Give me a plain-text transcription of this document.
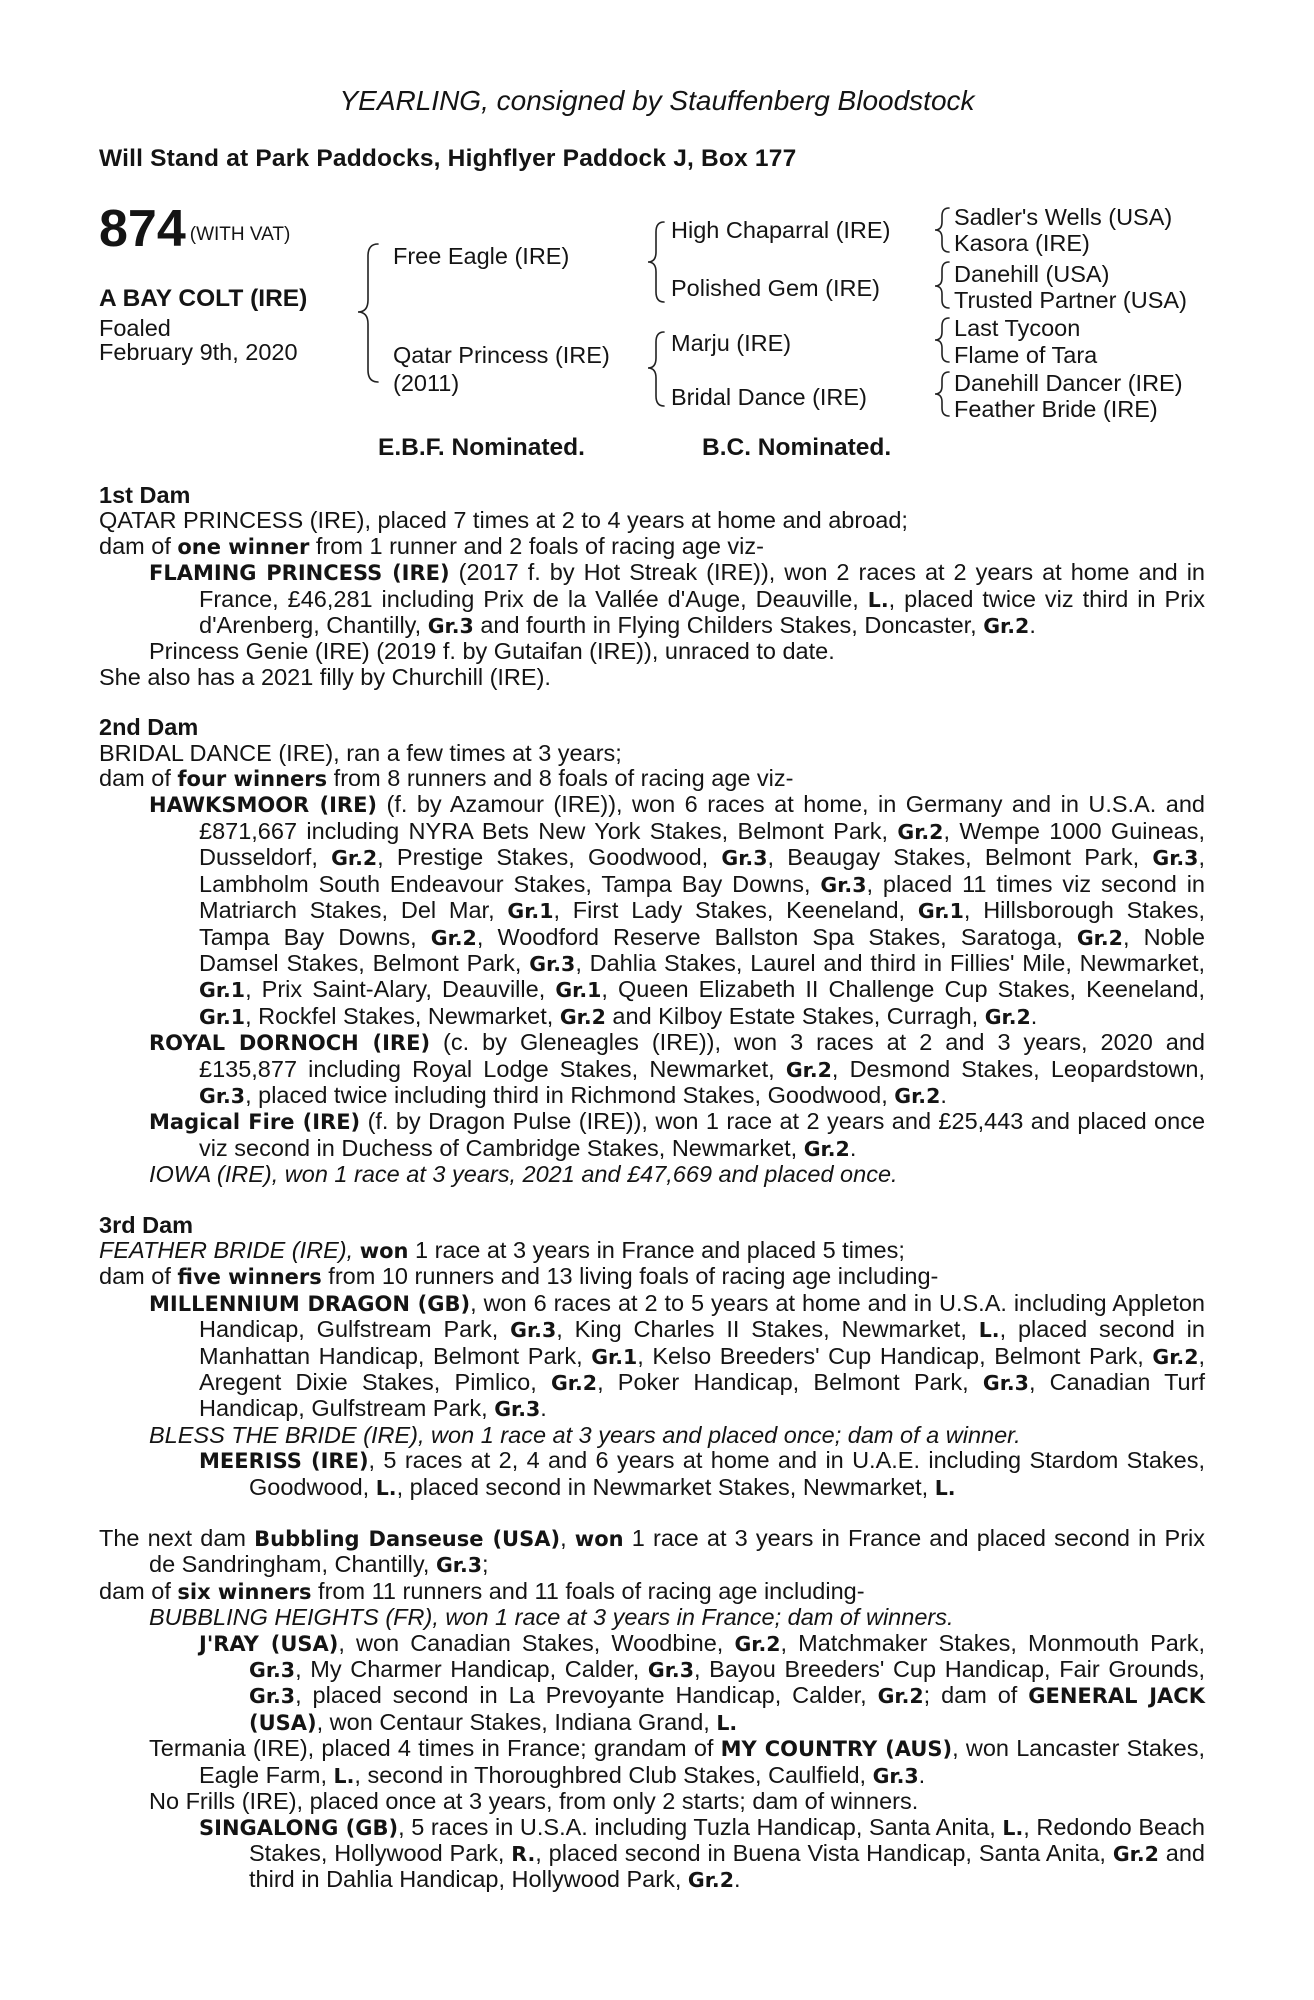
YEARLING, consigned by Stauffenberg Bloodstock
Will Stand at Park Paddocks, Highflyer Paddock J, Box 177
874 (WITH VAT)
A BAY COLT (IRE)
Foaled
February 9th, 2020
Free Eagle (IRE)
Qatar Princess (IRE)
(2011)
High Chaparral (IRE)
Polished Gem (IRE)
Marju (IRE)
Bridal Dance (IRE)
Sadler's Wells (USA)
Kasora (IRE)
Danehill (USA)
Trusted Partner (USA)
Last Tycoon
Flame of Tara
Danehill Dancer (IRE)
Feather Bride (IRE)
E.B.F. Nominated.	B.C. Nominated.

1st Dam

QATAR PRINCESS (IRE), placed 7 times at 2 to 4 years at home and abroad;

dam of one winner from 1 runner and 2 foals of racing age viz-

FLAMING PRINCESS (IRE) (2017 f. by Hot Streak (IRE)), won 2 races at 2 years at home and in France, £46,281 including Prix de la Vallée d'Auge, Deauville, L., placed twice viz third in Prix d'Arenberg, Chantilly, Gr.3 and fourth in Flying Childers Stakes, Doncaster, Gr.2.

Princess Genie (IRE) (2019 f. by Gutaifan (IRE)), unraced to date.

She also has a 2021 filly by Churchill (IRE).

2nd Dam

BRIDAL DANCE (IRE), ran a few times at 3 years;

dam of four winners from 8 runners and 8 foals of racing age viz-

HAWKSMOOR (IRE) (f. by Azamour (IRE)), won 6 races at home, in Germany and in U.S.A. and £871,667 including NYRA Bets New York Stakes, Belmont Park, Gr.2, Wempe 1000 Guineas, Dusseldorf, Gr.2, Prestige Stakes, Goodwood, Gr.3, Beaugay Stakes, Belmont Park, Gr.3, Lambholm South Endeavour Stakes, Tampa Bay Downs, Gr.3, placed 11 times viz second in Matriarch Stakes, Del Mar, Gr.1, First Lady Stakes, Keeneland, Gr.1, Hillsborough Stakes, Tampa Bay Downs, Gr.2, Woodford Reserve Ballston Spa Stakes, Saratoga, Gr.2, Noble Damsel Stakes, Belmont Park, Gr.3, Dahlia Stakes, Laurel and third in Fillies' Mile, Newmarket, Gr.1, Prix Saint-Alary, Deauville, Gr.1, Queen Elizabeth II Challenge Cup Stakes, Keeneland, Gr.1, Rockfel Stakes, Newmarket, Gr.2 and Kilboy Estate Stakes, Curragh, Gr.2.

ROYAL DORNOCH (IRE) (c. by Gleneagles (IRE)), won 3 races at 2 and 3 years, 2020 and £135,877 including Royal Lodge Stakes, Newmarket, Gr.2, Desmond Stakes, Leopardstown, Gr.3, placed twice including third in Richmond Stakes, Goodwood, Gr.2.

Magical Fire (IRE) (f. by Dragon Pulse (IRE)), won 1 race at 2 years and £25,443 and placed once viz second in Duchess of Cambridge Stakes, Newmarket, Gr.2.

IOWA (IRE), won 1 race at 3 years, 2021 and £47,669 and placed once.

3rd Dam

FEATHER BRIDE (IRE), won 1 race at 3 years in France and placed 5 times;

dam of five winners from 10 runners and 13 living foals of racing age including-

MILLENNIUM DRAGON (GB), won 6 races at 2 to 5 years at home and in U.S.A. including Appleton Handicap, Gulfstream Park, Gr.3, King Charles II Stakes, Newmarket, L., placed second in Manhattan Handicap, Belmont Park, Gr.1, Kelso Breeders' Cup Handicap, Belmont Park, Gr.2, Aregent Dixie Stakes, Pimlico, Gr.2, Poker Handicap, Belmont Park, Gr.3, Canadian Turf Handicap, Gulfstream Park, Gr.3.

BLESS THE BRIDE (IRE), won 1 race at 3 years and placed once; dam of a winner.

MEERISS (IRE), 5 races at 2, 4 and 6 years at home and in U.A.E. including Stardom Stakes, Goodwood, L., placed second in Newmarket Stakes, Newmarket, L.

The next dam Bubbling Danseuse (USA), won 1 race at 3 years in France and placed second in Prix de Sandringham, Chantilly, Gr.3;

dam of six winners from 11 runners and 11 foals of racing age including-

BUBBLING HEIGHTS (FR), won 1 race at 3 years in France; dam of winners.

J'RAY (USA), won Canadian Stakes, Woodbine, Gr.2, Matchmaker Stakes, Monmouth Park, Gr.3, My Charmer Handicap, Calder, Gr.3, Bayou Breeders' Cup Handicap, Fair Grounds, Gr.3, placed second in La Prevoyante Handicap, Calder, Gr.2; dam of GENERAL JACK (USA), won Centaur Stakes, Indiana Grand, L.

Termania (IRE), placed 4 times in France; grandam of MY COUNTRY (AUS), won Lancaster Stakes, Eagle Farm, L., second in Thoroughbred Club Stakes, Caulfield, Gr.3.

No Frills (IRE), placed once at 3 years, from only 2 starts; dam of winners.

SINGALONG (GB), 5 races in U.S.A. including Tuzla Handicap, Santa Anita, L., Redondo Beach Stakes, Hollywood Park, R., placed second in Buena Vista Handicap, Santa Anita, Gr.2 and third in Dahlia Handicap, Hollywood Park, Gr.2.
